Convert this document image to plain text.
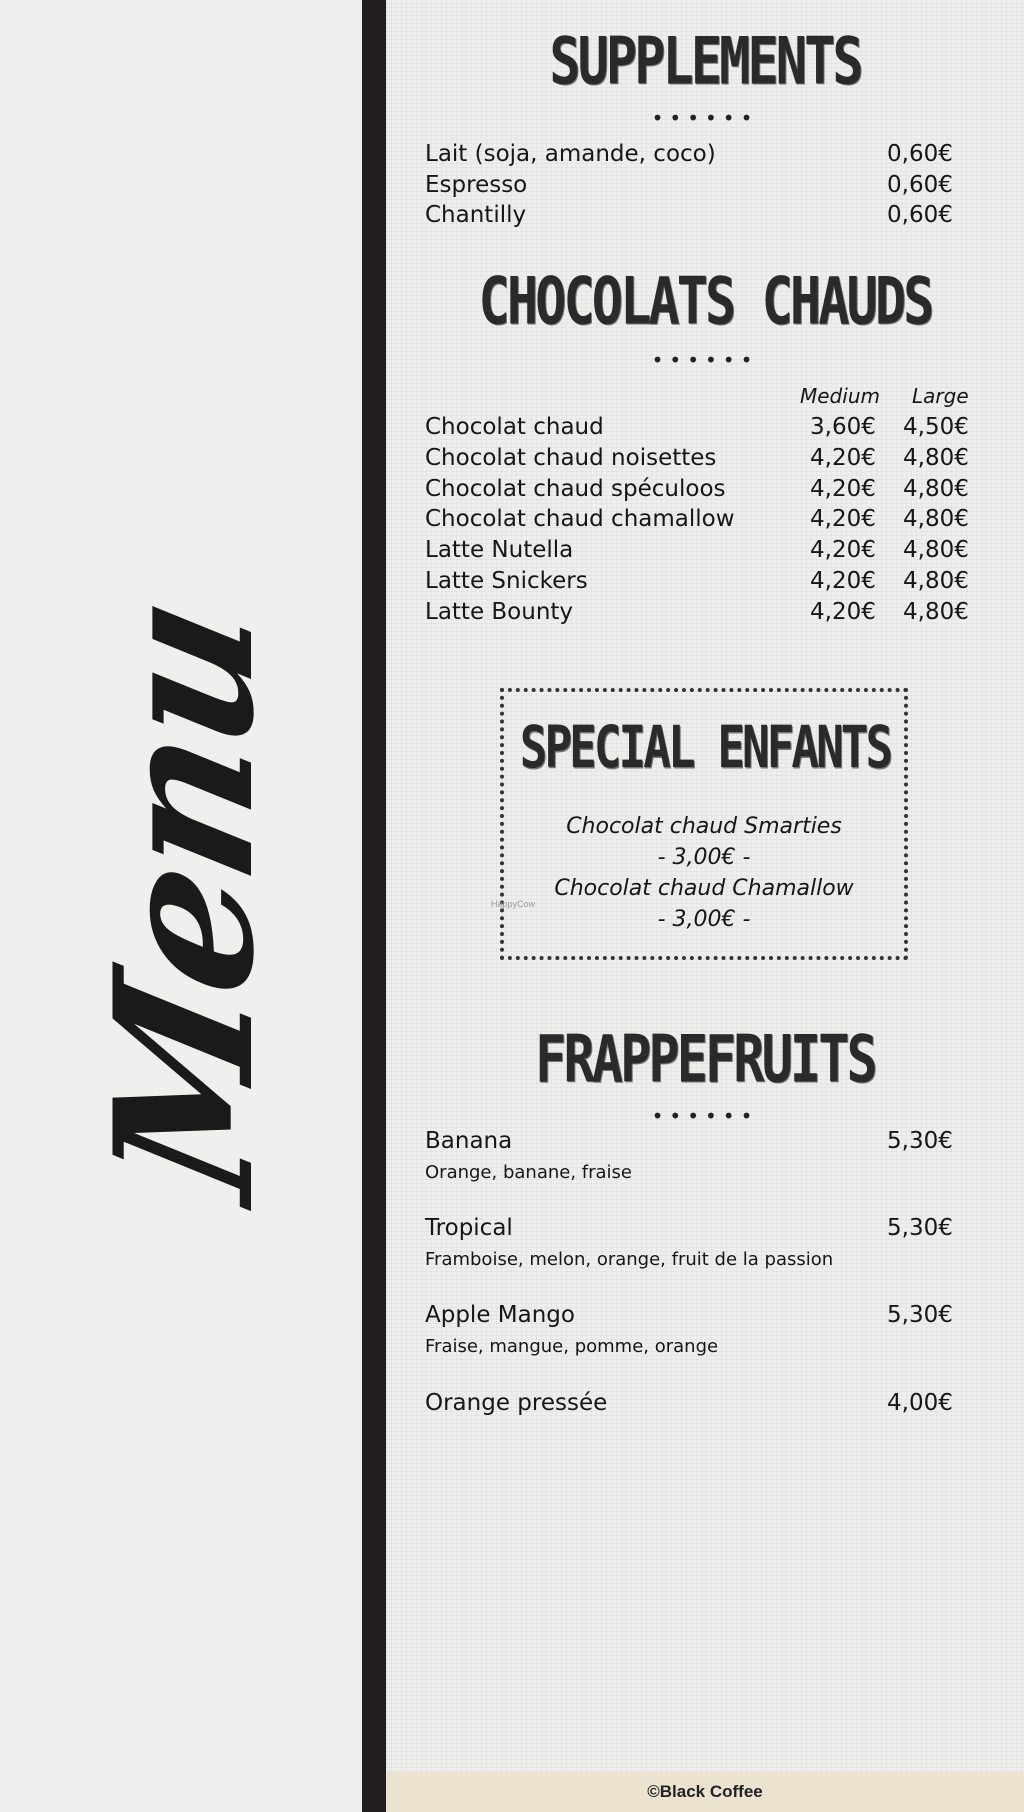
Menu
SUPPLEMENTS
••••••
Lait (soja, amande, coco)	0,60€
Espresso	0,60€
Chantilly	0,60€
CHOCOLATS CHAUDS
••••••
Medium Large
Chocolat chaud	3,60€ 4,50€
Chocolat chaud noisettes	4,20€ 4,80€
Chocolat chaud spéculoos	4,20€ 4,80€
Chocolat chaud chamallow	4,20€ 4,80€
Latte Nutella	4,20€ 4,80€
Latte Snickers	4,20€ 4,80€
Latte Bounty	4,20€ 4,80€
SPECIAL ENFANTS
Chocolat chaud Smarties
- 3,00€ -
Chocolat chaud Chamallow
- 3,00€ -
HappyCow
FRAPPEFRUITS
••••••
Banana	5,30€
Orange, banane, fraise
Tropical	5,30€
Framboise, melon, orange, fruit de la passion
Apple Mango	5,30€
Fraise, mangue, pomme, orange
Orange pressée	4,00€
©Black Coffee
